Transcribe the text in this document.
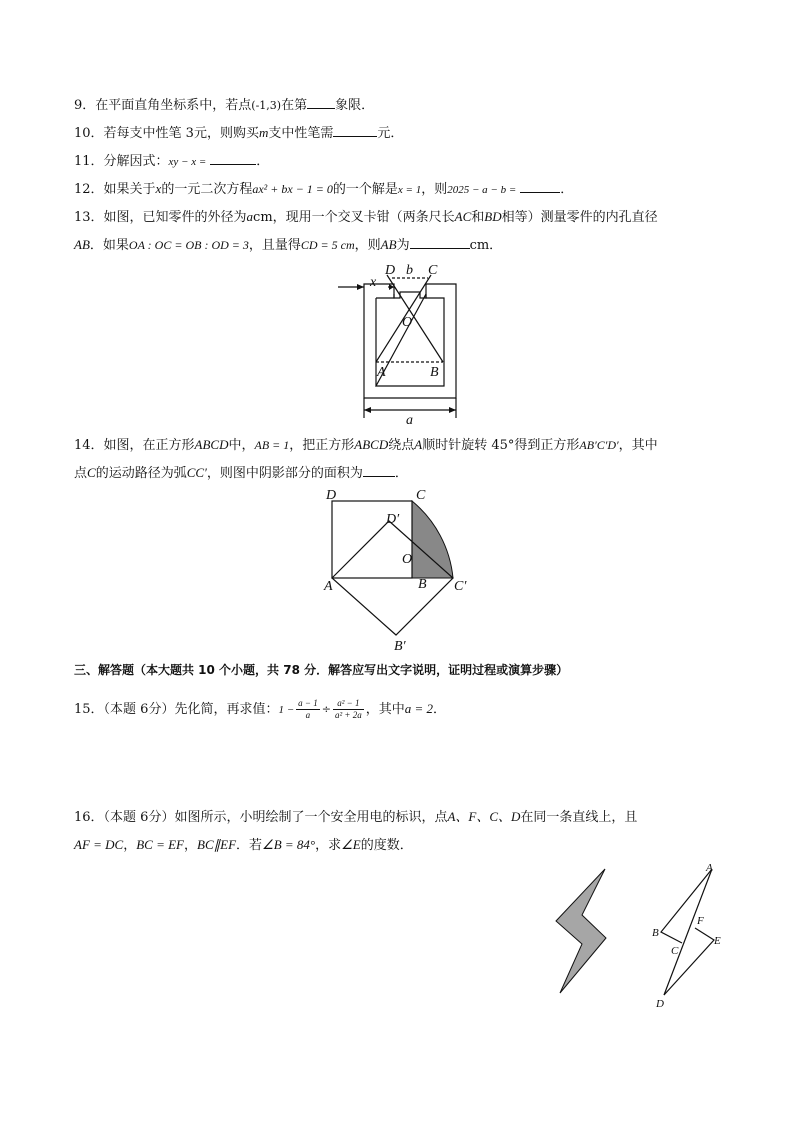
9．在平面直角坐标系中，若点(-1,3)在第 象限．
10．若每支中性笔 3元，则购买m支中性笔需	元．
11．分解因式：xy − x =	．
12．如果关于x的一元二次方程ax² + bx − 1 = 0的一个解是x = 1，则2025 − a − b =	．
13．如图，已知零件的外径为acm，现用一个交叉卡钳（两条尺长AC和BD相等）测量零件的内孔直径
AB．如果OA : OC = OB : OD = 3，且量得CD = 5 cm，则AB为	cm．
D b C
x
O
A	B
a
14．如图，在正方形ABCD中，AB = 1，把正方形ABCD绕点A顺时针旋转 45°得到正方形AB′C′D′，其中
点C的运动路径为弧CC′，则图中阴影部分的面积为 ．
D	C
D′
O
A	B C′
B′
三、解答题（本大题共 10 个小题，共 78 分．解答应写出文字说明，证明过程或演算步骤）
15．（本题 6分）先化简，再求值：$1 - \frac{a - 1}{a} \div \frac{\text{a² − 1}}{\text{a² + 2a}}$ ，其中a = 2．
16．（本题 6分）如图所示，小明绘制了一个安全用电的标识，点A、F、C、D在同一条直线上，且
AF = DC，BC = EF，BC∥EF．若∠B = 84°，求∠E的度数．
A
F
B
E
C
D
